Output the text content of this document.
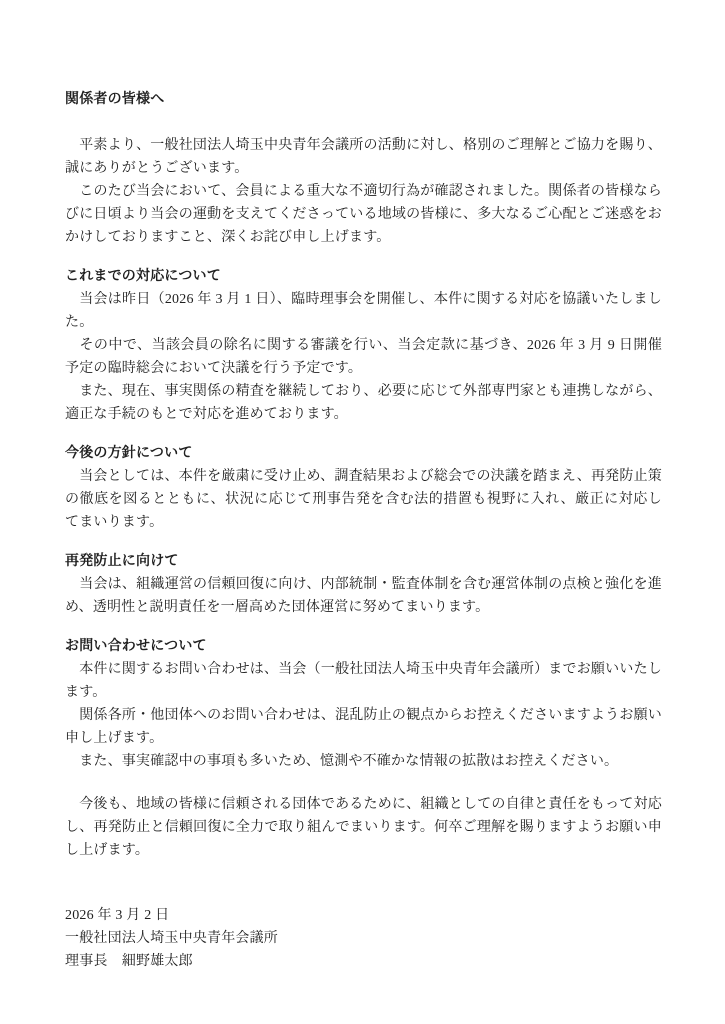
関係者の皆様へ

　平素より、一般社団法人埼玉中央青年会議所の活動に対し、格別のご理解とご協力を賜り、誠にありがとうございます。

　このたび当会において、会員による重大な不適切行為が確認されました。関係者の皆様ならびに日頃より当会の運動を支えてくださっている地域の皆様に、多大なるご心配とご迷惑をおかけしておりますこと、深くお詫び申し上げます。

これまでの対応について

　当会は昨日（2026 年 3 月 1 日）、臨時理事会を開催し、本件に関する対応を協議いたしました。

　その中で、当該会員の除名に関する審議を行い、当会定款に基づき、2026 年 3 月 9 日開催予定の臨時総会において決議を行う予定です。

　また、現在、事実関係の精査を継続しており、必要に応じて外部専門家とも連携しながら、適正な手続のもとで対応を進めております。

今後の方針について

　当会としては、本件を厳粛に受け止め、調査結果および総会での決議を踏まえ、再発防止策の徹底を図るとともに、状況に応じて刑事告発を含む法的措置も視野に入れ、厳正に対応してまいります。

再発防止に向けて

　当会は、組織運営の信頼回復に向け、内部統制・監査体制を含む運営体制の点検と強化を進め、透明性と説明責任を一層高めた団体運営に努めてまいります。

お問い合わせについて

　本件に関するお問い合わせは、当会（一般社団法人埼玉中央青年会議所）までお願いいたします。

　関係各所・他団体へのお問い合わせは、混乱防止の観点からお控えくださいますようお願い申し上げます。

　また、事実確認中の事項も多いため、憶測や不確かな情報の拡散はお控えください。

　今後も、地域の皆様に信頼される団体であるために、組織としての自律と責任をもって対応し、再発防止と信頼回復に全力で取り組んでまいります。何卒ご理解を賜りますようお願い申し上げます。

2026 年 3 月 2 日

一般社団法人埼玉中央青年会議所

理事長　細野雄太郎
